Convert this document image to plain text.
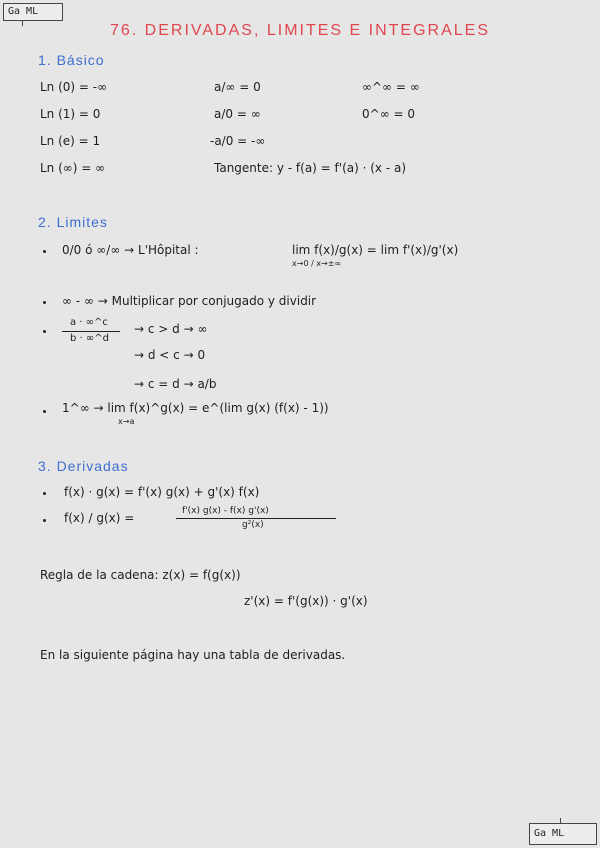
Ga ML
Ga ML
76. DERIVADAS, LIMITES E INTEGRALES
1. Básico
Ln (0) = -∞
Ln (1) = 0
Ln (e) = 1
Ln (∞) = ∞
a/∞ = 0
a/0 = ∞
-a/0 = -∞
Tangente: y - f(a) = f'(a) · (x - a)
∞^∞ = ∞
0^∞ = 0
2. Limites
0/0 ó ∞/∞ → L'Hôpital :	lim f(x)/g(x) = lim f'(x)/g'(x)
x→0 / x→±∞
∞ - ∞ → Multiplicar por conjugado y dividir
a · ∞^c
b · ∞^d
→ c > d → ∞
→ d < c → 0
→ c = d → a/b
1^∞ → lim f(x)^g(x) = e^(lim g(x) (f(x) - 1))
x→a
3. Derivadas
f(x) · g(x) = f'(x) g(x) + g'(x) f(x)
f(x) / g(x) =	f'(x) g(x) - f(x) g'(x)
g²(x)
Regla de la cadena: z(x) = f(g(x))
z'(x) = f'(g(x)) · g'(x)
En la siguiente página hay una tabla de derivadas.
